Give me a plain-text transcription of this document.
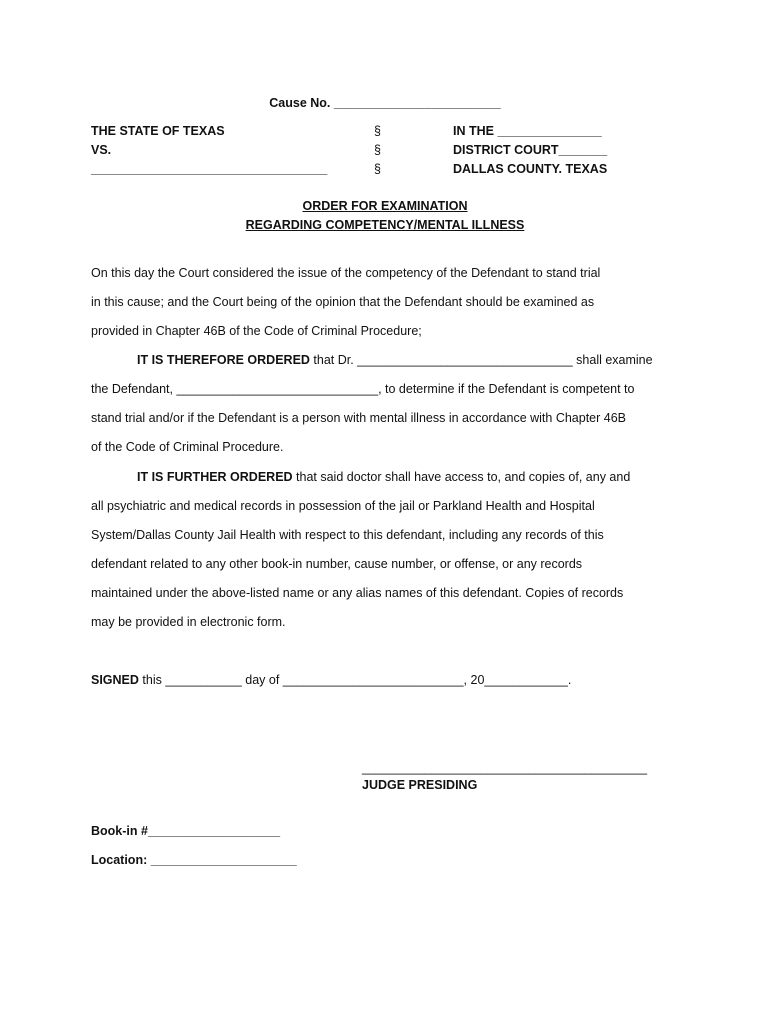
Cause No. ________________________
THE STATE OF TEXAS
VS.
__________________________________
§
§
§
IN THE _______________
DISTRICT COURT_______
DALLAS COUNTY. TEXAS
ORDER FOR EXAMINATION
REGARDING COMPETENCY/MENTAL ILLNESS
On this day the Court considered the issue of the competency of the Defendant to stand trial
in this cause; and the Court being of the opinion that the Defendant should be examined as
provided in Chapter 46B of the Code of Criminal Procedure;
IT IS THEREFORE ORDERED that Dr. _______________________________ shall examine
the Defendant, _____________________________, to determine if the Defendant is competent to
stand trial and/or if the Defendant is a person with mental illness in accordance with Chapter 46B
of the Code of Criminal Procedure.
IT IS FURTHER ORDERED that said doctor shall have access to, and copies of, any and
all psychiatric and medical records in possession of the jail or Parkland Health and Hospital
System/Dallas County Jail Health with respect to this defendant, including any records of this
defendant related to any other book-in number, cause number, or offense, or any records
maintained under the above-listed name or any alias names of this defendant. Copies of records
may be provided in electronic form.
SIGNED this ___________ day of __________________________, 20____________.
_________________________________________
JUDGE PRESIDING
Book-in #___________________
Location: _____________________
